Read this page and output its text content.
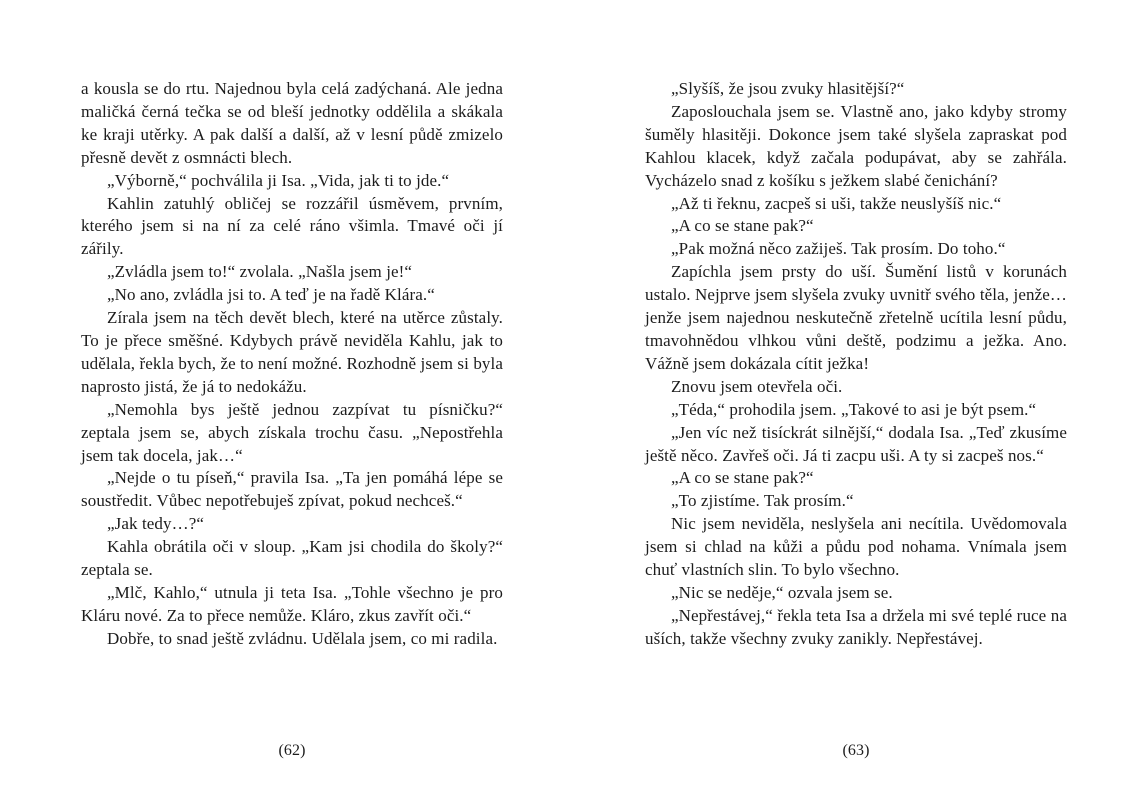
a kousla se do rtu. Najednou byla celá zadýchaná. Ale jedna maličká černá tečka se od bleší jednotky oddělila a skákala ke kraji utěrky. A pak další a další, až v lesní půdě zmizelo přesně devět z osmnácti blech.

„Výborně,“ pochválila ji Isa. „Vida, jak ti to jde.“

Kahlin zatuhlý obličej se rozzářil úsměvem, prvním, kterého jsem si na ní za celé ráno všimla. Tmavé oči jí zářily.

„Zvládla jsem to!“ zvolala. „Našla jsem je!“

„No ano, zvládla jsi to. A teď je na řadě Klára.“

Zírala jsem na těch devět blech, které na utěrce zůstaly. To je přece směšné. Kdybych právě neviděla Kahlu, jak to udělala, řekla bych, že to není možné. Rozhodně jsem si byla naprosto jistá, že já to nedokážu.

„Nemohla bys ještě jednou zazpívat tu písničku?“ zeptala jsem se, abych získala trochu času. „Nepostřehla jsem tak docela, jak…“

„Nejde o tu píseň,“ pravila Isa. „Ta jen pomáhá lépe se soustředit. Vůbec nepotřebuješ zpívat, pokud nechceš.“

„Jak tedy…?“

Kahla obrátila oči v sloup. „Kam jsi chodila do školy?“ zeptala se.

„Mlč, Kahlo,“ utnula ji teta Isa. „Tohle všechno je pro Kláru nové. Za to přece nemůže. Kláro, zkus zavřít oči.“

Dobře, to snad ještě zvládnu. Udělala jsem, co mi radila.

(62)

„Slyšíš, že jsou zvuky hlasitější?“

Zaposlouchala jsem se. Vlastně ano, jako kdyby stromy šuměly hlasitěji. Dokonce jsem také slyšela zapraskat pod Kahlou klacek, když začala podupávat, aby se zahřála. Vycházelo snad z košíku s ježkem slabé čenichání?

„Až ti řeknu, zacpeš si uši, takže neuslyšíš nic.“

„A co se stane pak?“

„Pak možná něco zažiješ. Tak prosím. Do toho.“

Zapíchla jsem prsty do uší. Šumění listů v korunách ustalo. Nejprve jsem slyšela zvuky uvnitř svého těla, jenže… jenže jsem najednou neskutečně zřetelně ucítila lesní půdu, tmavohnědou vlhkou vůni deště, podzimu a ježka. Ano. Vážně jsem dokázala cítit ježka!

Znovu jsem otevřela oči.

„Téda,“ prohodila jsem. „Takové to asi je být psem.“

„Jen víc než tisíckrát silnější,“ dodala Isa. „Teď zkusíme ještě něco. Zavřeš oči. Já ti zacpu uši. A ty si zacpeš nos.“

„A co se stane pak?“

„To zjistíme. Tak prosím.“

Nic jsem neviděla, neslyšela ani necítila. Uvědomovala jsem si chlad na kůži a půdu pod nohama. Vnímala jsem chuť vlastních slin. To bylo všechno.

„Nic se neděje,“ ozvala jsem se.

„Nepřestávej,“ řekla teta Isa a držela mi své teplé ruce na uších, takže všechny zvuky zanikly. Nepřestávej.

(63)
